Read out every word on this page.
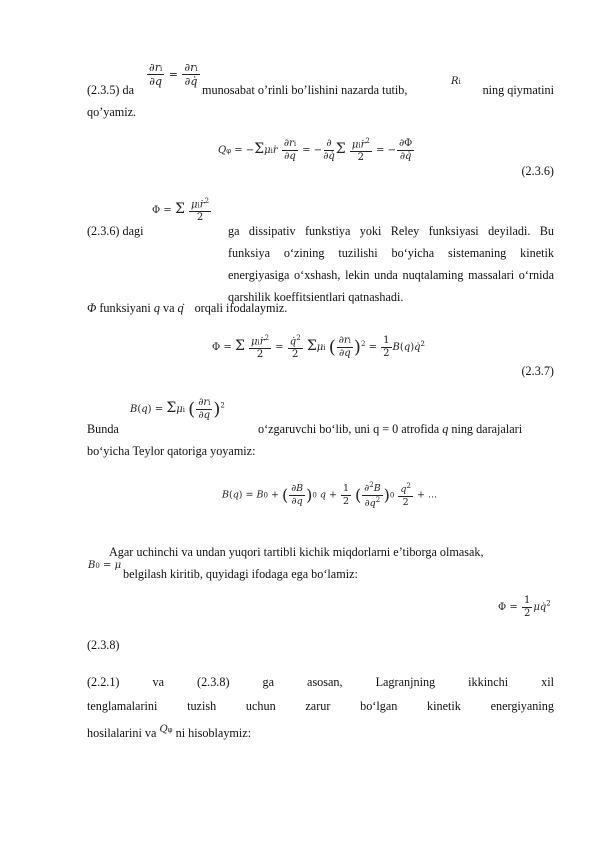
(2.3.5) da
$\frac{\partial ri}{\partial q} = \frac{\partial ri}{\partial q}$
munosabat o’rinli bo’lishini nazarda tutib,
Ri
ning qiymatini
qo’yamiz.
Qφ = −Σμiṙ $\frac{\partial ri}{\partial q}$ = − $\frac{\partial}{\partial q}$ Σ $\frac{\mu ir^2}{2}$ = − $\frac{\partial\Phi}{\partial q}$
(2.3.6)
(2.3.6) dagi
Φ = Σ $\frac{\mu ir^2}{2}$
ga dissipativ funkstiya yoki Reley funksiyasi deyiladi. Bu funksiya o‘zining tuzilishi bo‘yicha sistemaning kinetik energiyasiga o‘xshash, lekin unda nuqtalaming massalari o‘rnida qarshilik koeffitsientlari qatnashadi.
Φ funksiyani q va q orqali ifodalaymiz.
Φ = Σ $\frac{\mu ir^2}{2} = \frac{q^2}{2}$ Σμi ( $\frac{\partial ri}{\partial q} )^2 = \frac{1}{2} B(q)q^2$
(2.3.7)
Bunda
B(q) = Σμi ( $\frac{\partial ri}{\partial q} )^2$
o‘zgaruvchi bo‘lib, uni q = 0 atrofida q ning darajalari
bo‘yicha Teylor qatoriga yoyamiz:
B(q) = B0 + ( $\frac{\partial B}{\partial q} )0$ $q + \frac{1}{2}$ ( $\frac{\partial^2B}{\partial q^2} )0 \frac{q^2}{2}$ + ...
Agar uchinchi va undan yuqori tartibli kichik miqdorlarni e’tiborga olmasak,
B0 = μ
belgilash kiritib, quyidagi ifodaga ega bo‘lamiz:
$\Phi = \frac{1}{2} \mu q^2$
(2.3.8)
(2.2.1)	va	(2.3.8)	ga	asosan,	Lagranjning	ikkinchi	xil
tenglamalarini tuzish uchun zarur bo‘lgan kinetik energiyaning
hosilalarini va $^{Q\varphi}$ ni hisoblaymiz:
